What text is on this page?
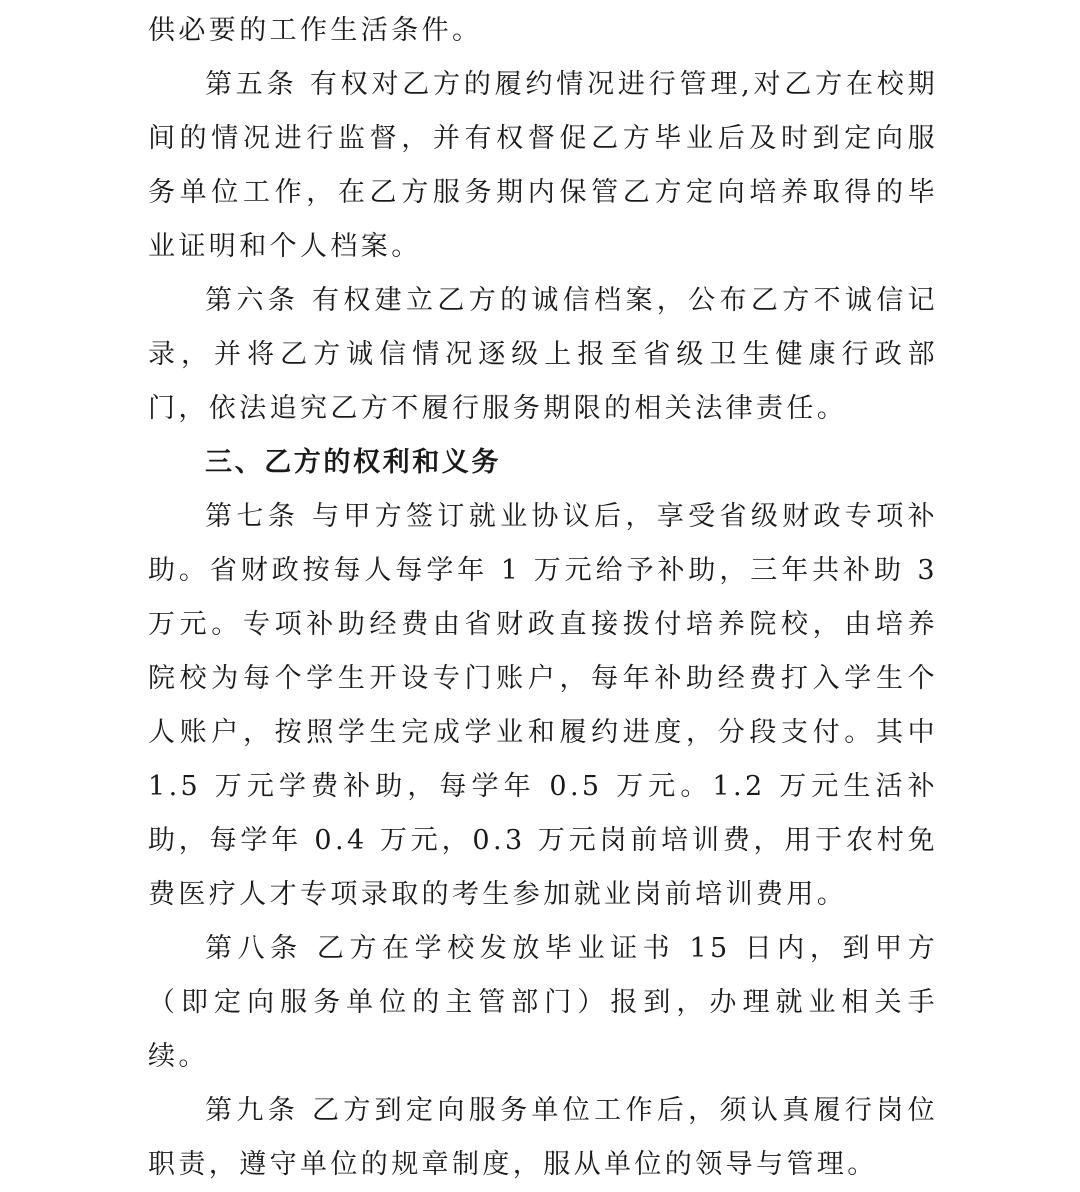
供必要的工作生活条件。

第五条 有权对乙方的履约情况进行管理,对乙方在校期间的情况进行监督，并有权督促乙方毕业后及时到定向服务单位工作，在乙方服务期内保管乙方定向培养取得的毕业证明和个人档案。

第六条 有权建立乙方的诚信档案，公布乙方不诚信记录，并将乙方诚信情况逐级上报至省级卫生健康行政部门，依法追究乙方不履行服务期限的相关法律责任。

三、乙方的权利和义务

第七条 与甲方签订就业协议后，享受省级财政专项补助。省财政按每人每学年 1 万元给予补助，三年共补助 3 万元。专项补助经费由省财政直接拨付培养院校，由培养院校为每个学生开设专门账户，每年补助经费打入学生个人账户，按照学生完成学业和履约进度，分段支付。其中 1.5 万元学费补助，每学年 0.5 万元。1.2 万元生活补助，每学年 0.4 万元，0.3 万元岗前培训费，用于农村免费医疗人才专项录取的考生参加就业岗前培训费用。

第八条 乙方在学校发放毕业证书 15 日内，到甲方（即定向服务单位的主管部门）报到，办理就业相关手续。

第九条 乙方到定向服务单位工作后，须认真履行岗位职责，遵守单位的规章制度，服从单位的领导与管理。
